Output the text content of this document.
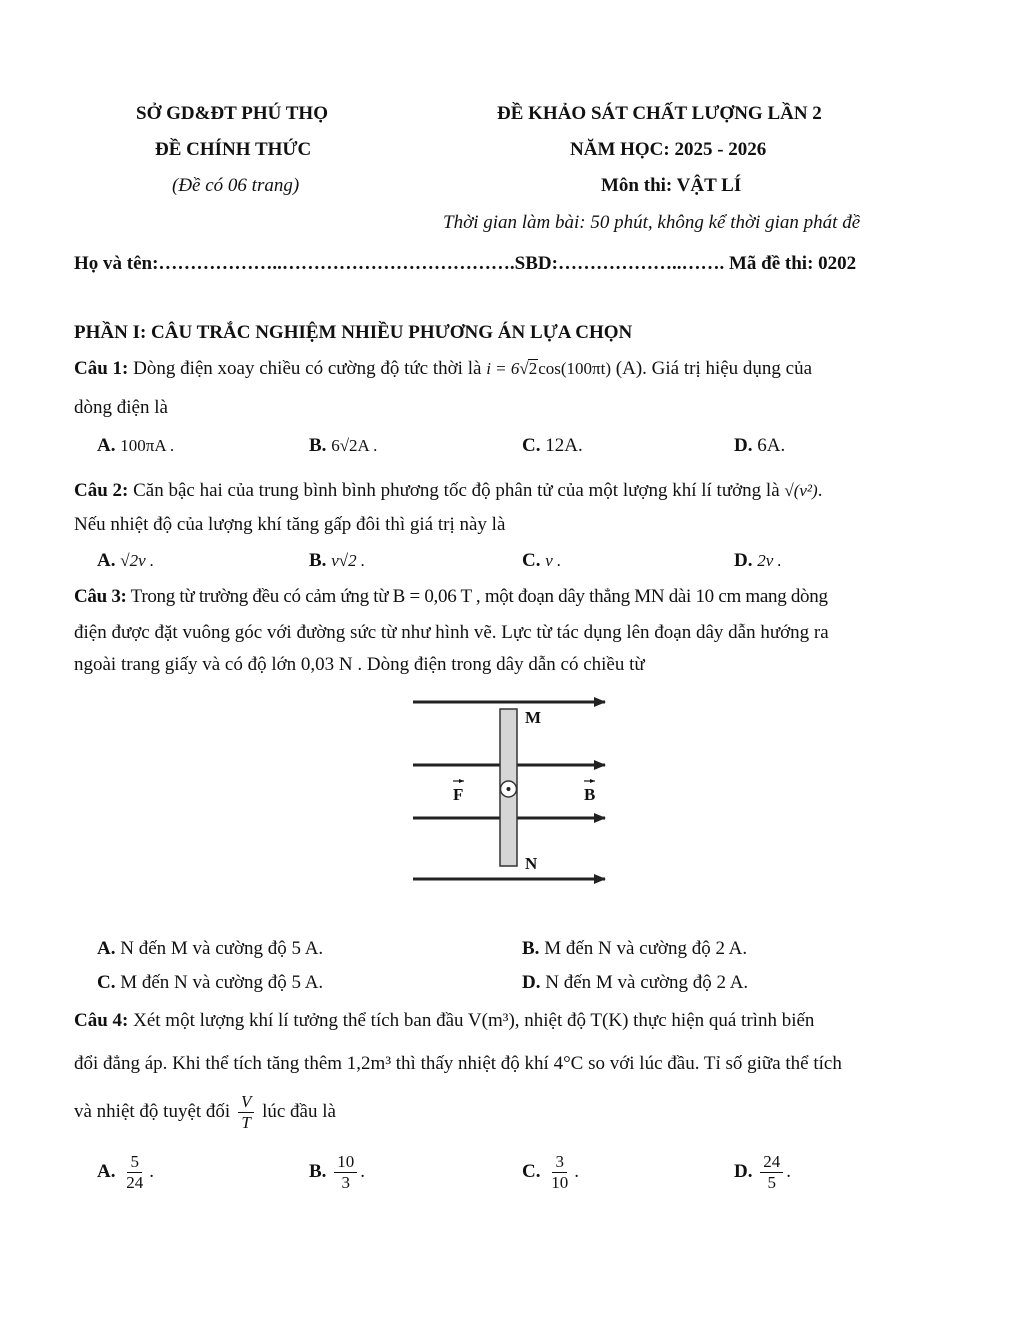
SỞ GD&ĐT PHÚ THỌ
ĐỀ CHÍNH THỨC
(Đề có 06 trang)
ĐỀ KHẢO SÁT CHẤT LƯỢNG LẦN 2
NĂM HỌC: 2025 - 2026
Môn thi: VẬT LÍ
Thời gian làm bài: 50 phút, không kể thời gian phát đề
Họ và tên:………………..……………………………….SBD:………………..……. Mã đề thi: 0202
PHẦN I: CÂU TRẮC NGHIỆM NHIỀU PHƯƠNG ÁN LỰA CHỌN
Câu 1: Dòng điện xoay chiều có cường độ tức thời là i = 6√2cos(100πt) (A). Giá trị hiệu dụng của
dòng điện là
A. 100πA .	B. 6√2A .	C. 12A.	D. 6A.
Câu 2: Căn bậc hai của trung bình bình phương tốc độ phân tử của một lượng khí lí tưởng là √(v²).
Nếu nhiệt độ của lượng khí tăng gấp đôi thì giá trị này là
A. √2v .	B. v√2 .	C. v .	D. 2v .
Câu 3: Trong từ trường đều có cảm ứng từ B = 0,06 T , một đoạn dây thẳng MN dài 10 cm mang dòng
điện được đặt vuông góc với đường sức từ như hình vẽ. Lực từ tác dụng lên đoạn dây dẫn hướng ra
ngoài trang giấy và có độ lớn 0,03 N . Dòng điện trong dây dẫn có chiều từ
M
N
F	B
A. N đến M và cường độ 5 A.	B. M đến N và cường độ 2 A.
C. M đến N và cường độ 5 A.	D. N đến M và cường độ 2 A.
Câu 4: Xét một lượng khí lí tưởng thể tích ban đầu V(m³), nhiệt độ T(K) thực hiện quá trình biến
đổi đẳng áp. Khi thể tích tăng thêm 1,2m³ thì thấy nhiệt độ khí 4°C so với lúc đầu. Tỉ số giữa thể tích
và nhiệt độ tuyệt đối $\frac{V}{T}$ lúc đầu là
A. $\frac{5}{24}$ .	B. $\frac{10}{3}$ .	C. $\frac{3}{10}$ .	D. $\frac{24}{5}$ .
